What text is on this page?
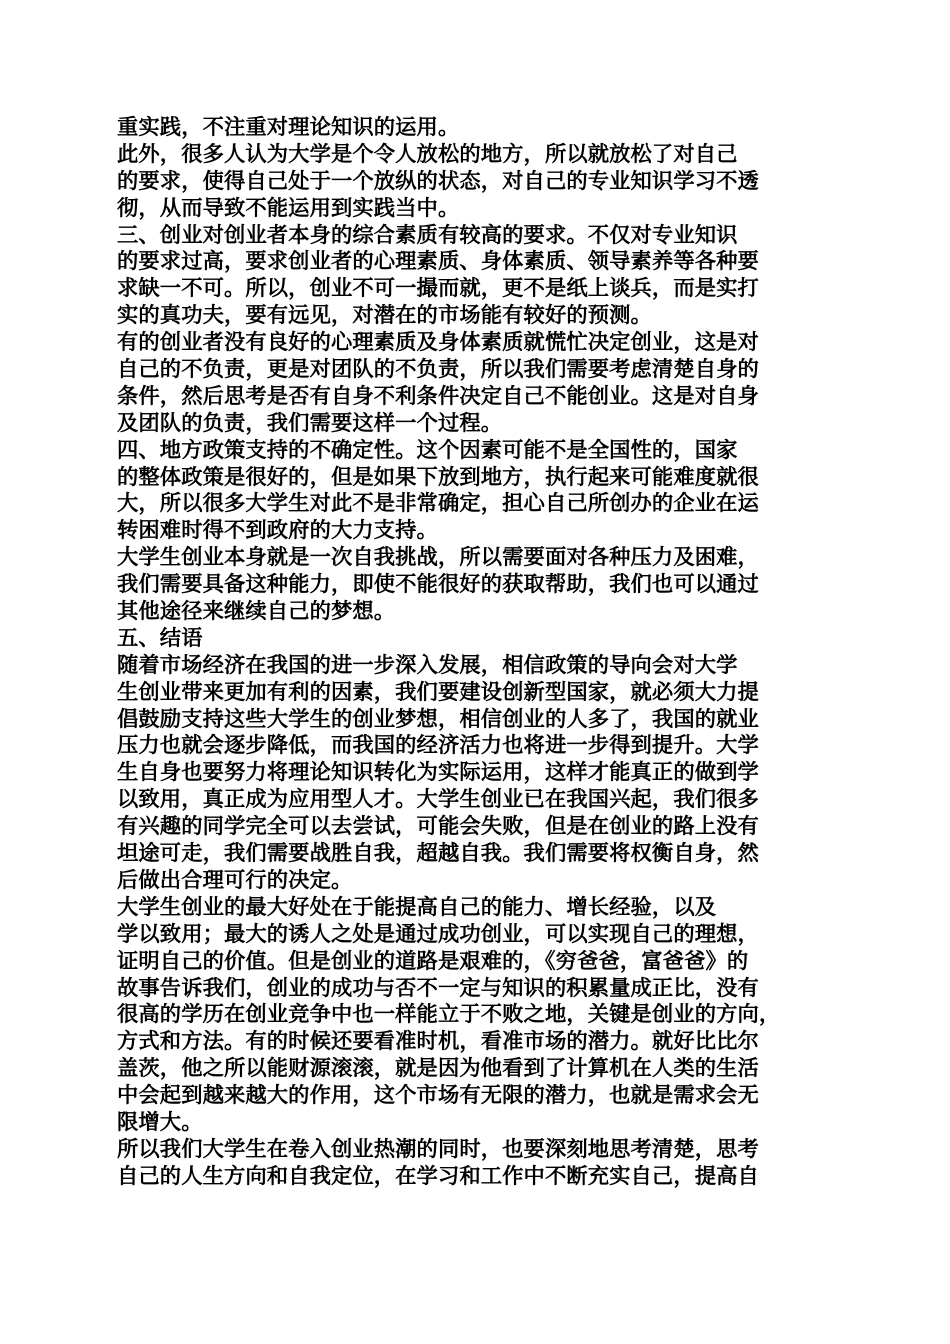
重实践，不注重对理论知识的运用。
此外，很多人认为大学是个令人放松的地方，所以就放松了对自己
的要求，使得自己处于一个放纵的状态，对自己的专业知识学习不透
彻，从而导致不能运用到实践当中。
三、创业对创业者本身的综合素质有较高的要求。不仅对专业知识
的要求过高，要求创业者的心理素质、身体素质、领导素养等各种要
求缺一不可。所以，创业不可一撮而就，更不是纸上谈兵，而是实打
实的真功夫，要有远见，对潜在的市场能有较好的预测。
有的创业者没有良好的心理素质及身体素质就慌忙决定创业，这是对
自己的不负责，更是对团队的不负责，所以我们需要考虑清楚自身的
条件，然后思考是否有自身不利条件决定自己不能创业。这是对自身
及团队的负责，我们需要这样一个过程。
四、地方政策支持的不确定性。这个因素可能不是全国性的，国家
的整体政策是很好的，但是如果下放到地方，执行起来可能难度就很
大，所以很多大学生对此不是非常确定，担心自己所创办的企业在运
转困难时得不到政府的大力支持。
大学生创业本身就是一次自我挑战，所以需要面对各种压力及困难，
我们需要具备这种能力，即使不能很好的获取帮助，我们也可以通过
其他途径来继续自己的梦想。
五、结语
随着市场经济在我国的进一步深入发展，相信政策的导向会对大学
生创业带来更加有利的因素，我们要建设创新型国家，就必须大力提
倡鼓励支持这些大学生的创业梦想，相信创业的人多了，我国的就业
压力也就会逐步降低，而我国的经济活力也将进一步得到提升。大学
生自身也要努力将理论知识转化为实际运用，这样才能真正的做到学
以致用，真正成为应用型人才。大学生创业已在我国兴起，我们很多
有兴趣的同学完全可以去尝试，可能会失败，但是在创业的路上没有
坦途可走，我们需要战胜自我，超越自我。我们需要将权衡自身，然
后做出合理可行的决定。
大学生创业的最大好处在于能提高自己的能力、增长经验，以及
学以致用；最大的诱人之处是通过成功创业，可以实现自己的理想，
证明自己的价值。但是创业的道路是艰难的，《穷爸爸，富爸爸》的
故事告诉我们，创业的成功与否不一定与知识的积累量成正比，没有
很高的学历在创业竞争中也一样能立于不败之地，关键是创业的方向，
方式和方法。有的时候还要看准时机，看准市场的潜力。就好比比尔
盖茨，他之所以能财源滚滚，就是因为他看到了计算机在人类的生活
中会起到越来越大的作用，这个市场有无限的潜力，也就是需求会无
限增大。
所以我们大学生在卷入创业热潮的同时，也要深刻地思考清楚，思考
自己的人生方向和自我定位，在学习和工作中不断充实自己，提高自
